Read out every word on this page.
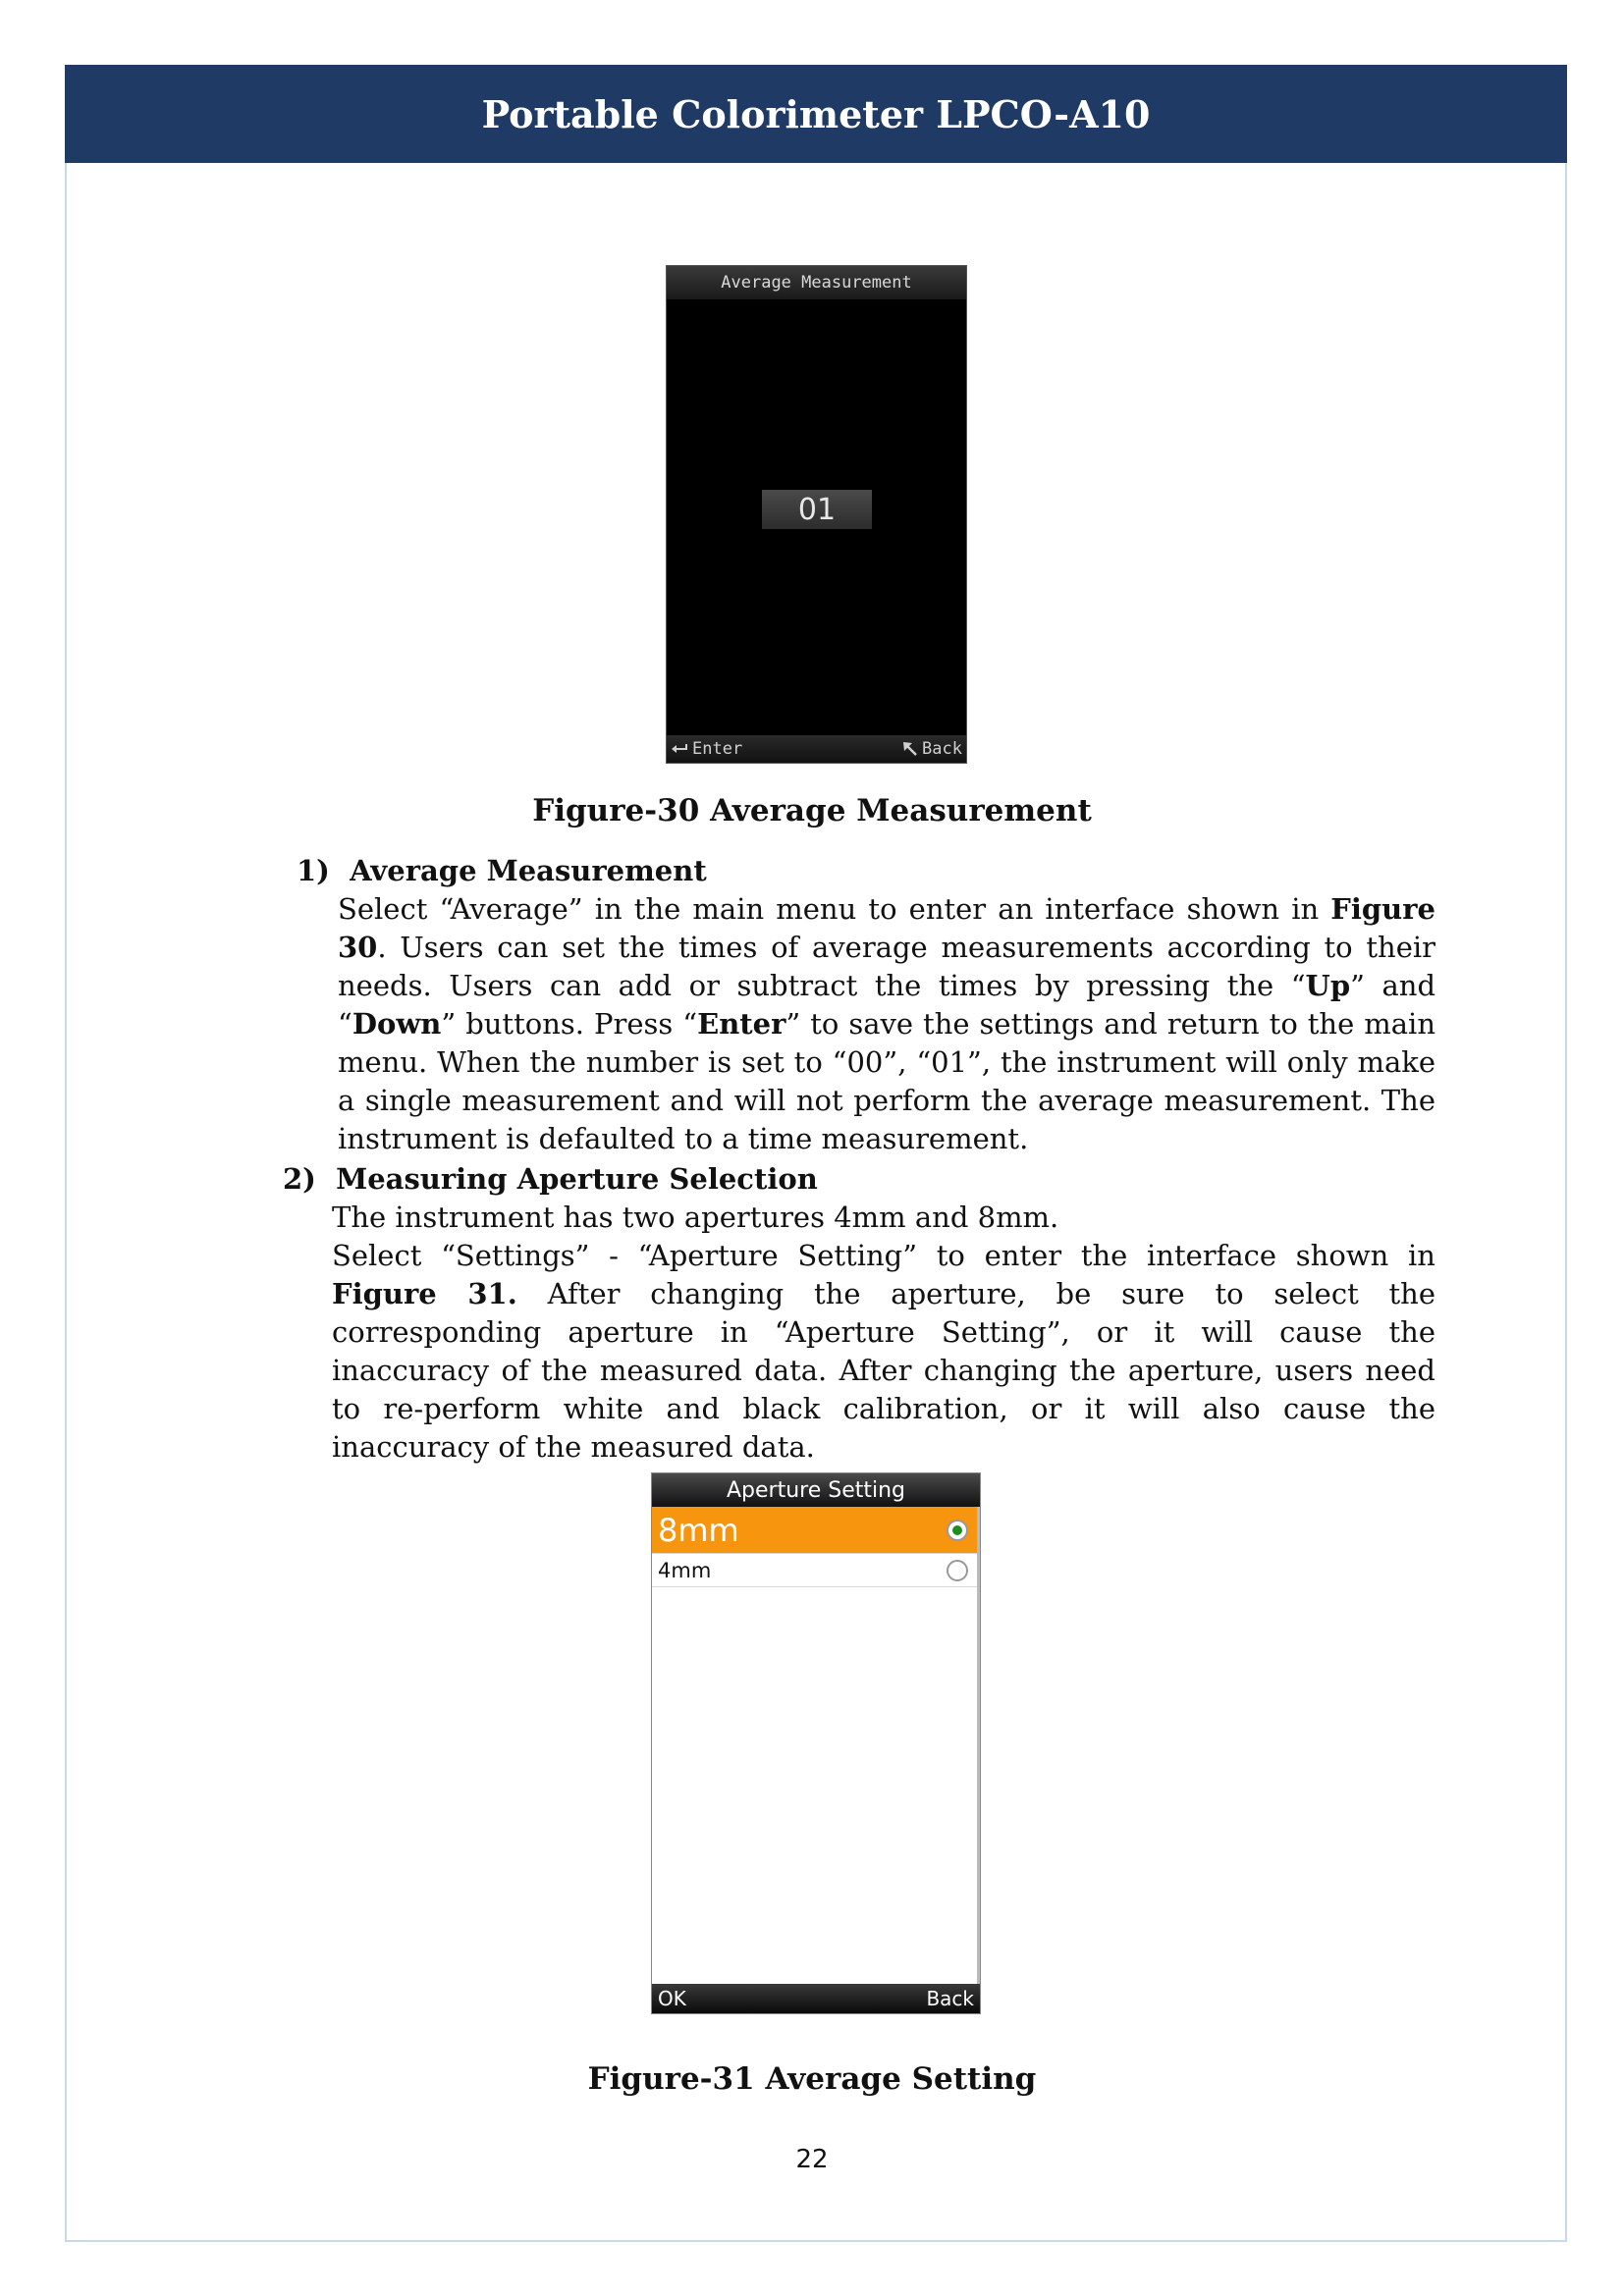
Portable Colorimeter LPCO-A10
Average Measurement
01
Enter	Back
Figure-30 Average Measurement
1) Average Measurement
Select “Average” in the main menu to enter an interface shown in Figure 30. Users can set the times of average measurements according to their needs. Users can add or subtract the times by pressing the “Up” and “Down” buttons. Press “Enter” to save the settings and return to the main menu. When the number is set to “00”, “01”, the instrument will only make a single measurement and will not perform the average measurement. The instrument is defaulted to a time measurement.
2) Measuring Aperture Selection
The instrument has two apertures 4mm and 8mm.
Select “Settings” - “Aperture Setting” to enter the interface shown in Figure 31. After changing the aperture, be sure to select the corresponding aperture in “Aperture Setting”, or it will cause the inaccuracy of the measured data. After changing the aperture, users need to re-perform white and black calibration, or it will also cause the inaccuracy of the measured data.
Aperture Setting
8mm
4mm
OK	Back
Figure-31 Average Setting
22
